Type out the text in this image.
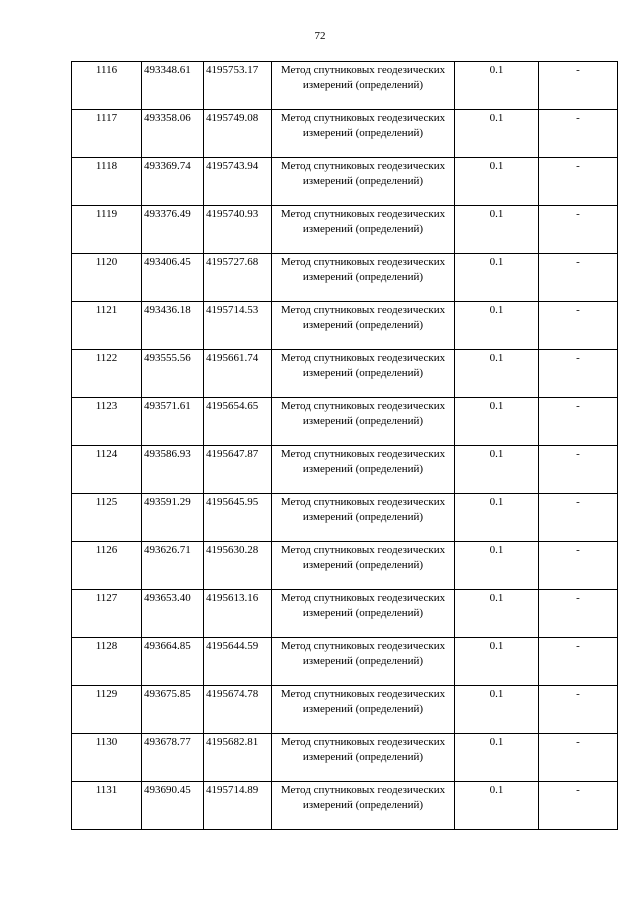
72
1116	493348.61	4195753.17	Метод спутниковых геодезических измерений (определений)	0.1	-
1117	493358.06	4195749.08	Метод спутниковых геодезических измерений (определений)	0.1	-
1118	493369.74	4195743.94	Метод спутниковых геодезических измерений (определений)	0.1	-
1119	493376.49	4195740.93	Метод спутниковых геодезических измерений (определений)	0.1	-
1120	493406.45	4195727.68	Метод спутниковых геодезических измерений (определений)	0.1	-
1121	493436.18	4195714.53	Метод спутниковых геодезических измерений (определений)	0.1	-
1122	493555.56	4195661.74	Метод спутниковых геодезических измерений (определений)	0.1	-
1123	493571.61	4195654.65	Метод спутниковых геодезических измерений (определений)	0.1	-
1124	493586.93	4195647.87	Метод спутниковых геодезических измерений (определений)	0.1	-
1125	493591.29	4195645.95	Метод спутниковых геодезических измерений (определений)	0.1	-
1126	493626.71	4195630.28	Метод спутниковых геодезических измерений (определений)	0.1	-
1127	493653.40	4195613.16	Метод спутниковых геодезических измерений (определений)	0.1	-
1128	493664.85	4195644.59	Метод спутниковых геодезических измерений (определений)	0.1	-
1129	493675.85	4195674.78	Метод спутниковых геодезических измерений (определений)	0.1	-
1130	493678.77	4195682.81	Метод спутниковых геодезических измерений (определений)	0.1	-
1131	493690.45	4195714.89	Метод спутниковых геодезических измерений (определений)	0.1	-
